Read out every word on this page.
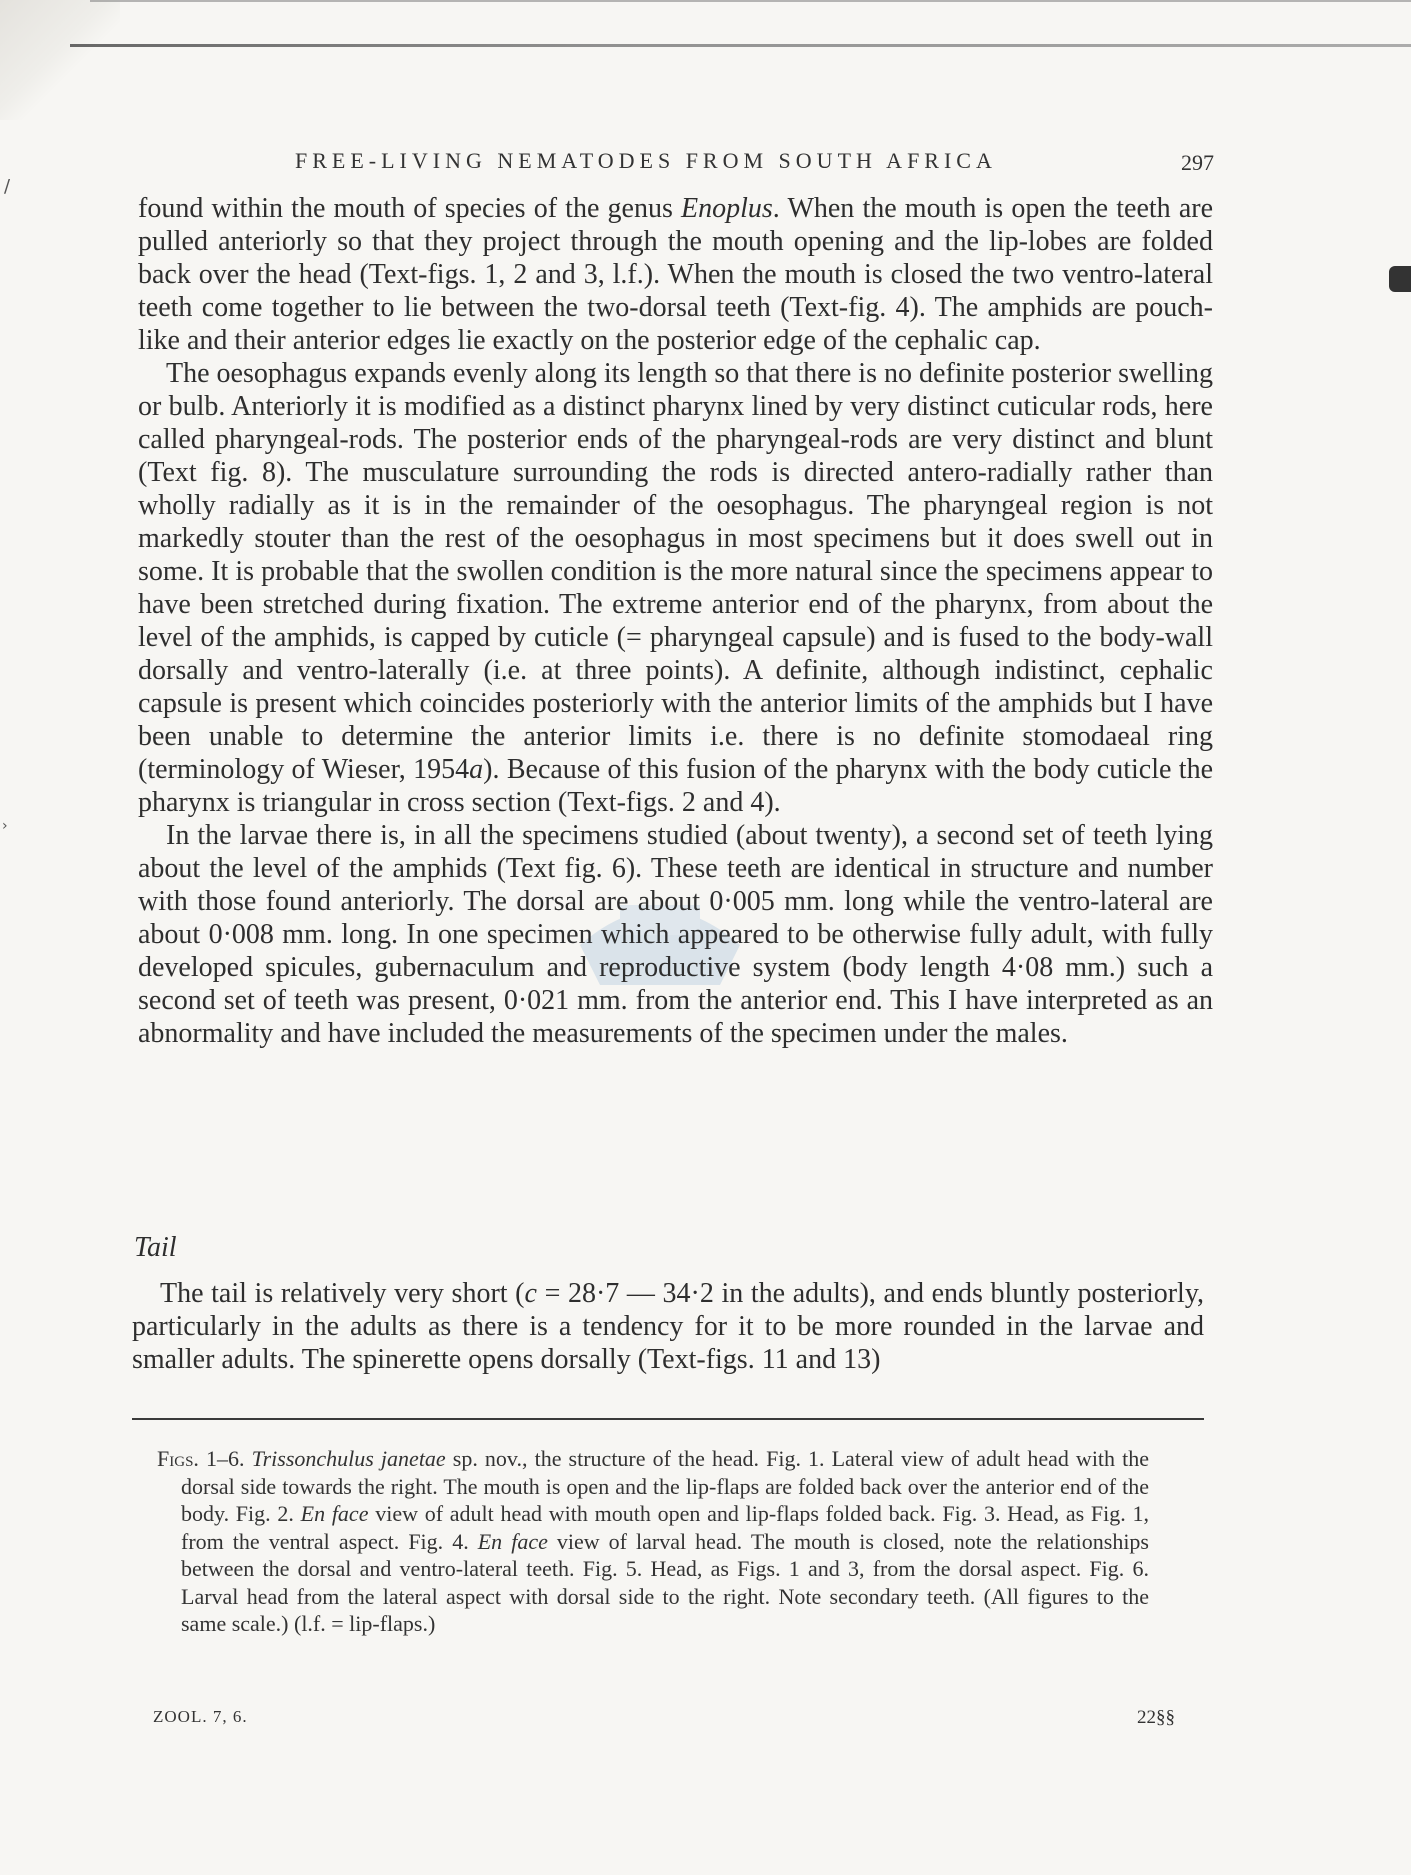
/
›
FREE-LIVING NEMATODES FROM SOUTH AFRICA	297

found within the mouth of species of the genus Enoplus. When the mouth is open the teeth are pulled anteriorly so that they project through the mouth opening and the lip-lobes are folded back over the head (Text-figs. 1, 2 and 3, l.f.). When the mouth is closed the two ventro-lateral teeth come together to lie between the two-dorsal teeth (Text-fig. 4). The amphids are pouch-like and their anterior edges lie exactly on the posterior edge of the cephalic cap.

The oesophagus expands evenly along its length so that there is no definite posterior swelling or bulb. Anteriorly it is modified as a distinct pharynx lined by very distinct cuticular rods, here called pharyngeal-rods. The posterior ends of the pharyngeal-rods are very distinct and blunt (Text fig. 8). The musculature surrounding the rods is directed antero-radially rather than wholly radially as it is in the remainder of the oesophagus. The pharyngeal region is not markedly stouter than the rest of the oesophagus in most specimens but it does swell out in some. It is probable that the swollen condition is the more natural since the specimens appear to have been stretched during fixation. The extreme anterior end of the pharynx, from about the level of the amphids, is capped by cuticle (= pharyngeal capsule) and is fused to the body-wall dorsally and ventro-laterally (i.e. at three points). A definite, although indistinct, cephalic capsule is present which coincides posteriorly with the anterior limits of the amphids but I have been unable to determine the anterior limits i.e. there is no definite stomodaeal ring (terminology of Wieser, 1954a). Because of this fusion of the pharynx with the body cuticle the pharynx is triangular in cross section (Text-figs. 2 and 4).

In the larvae there is, in all the specimens studied (about twenty), a second set of teeth lying about the level of the amphids (Text fig. 6). These teeth are identical in structure and number with those found anteriorly. The dorsal are about 0·005 mm. long while the ventro-lateral are about 0·008 mm. long. In one specimen which appeared to be otherwise fully adult, with fully developed spicules, gubernaculum and reproductive system (body length 4·08 mm.) such a second set of teeth was present, 0·021 mm. from the anterior end. This I have interpreted as an abnormality and have included the measurements of the specimen under the males.

Tail

The tail is relatively very short (c = 28·7 — 34·2 in the adults), and ends bluntly posteriorly, particularly in the adults as there is a tendency for it to be more rounded in the larvae and smaller adults. The spinerette opens dorsally (Text-figs. 11 and 13)

Figs. 1–6. Trissonchulus janetae sp. nov., the structure of the head. Fig. 1. Lateral view of adult head with the dorsal side towards the right. The mouth is open and the lip-flaps are folded back over the anterior end of the body. Fig. 2. En face view of adult head with mouth open and lip-flaps folded back. Fig. 3. Head, as Fig. 1, from the ventral aspect. Fig. 4. En face view of larval head. The mouth is closed, note the relationships between the dorsal and ventro-lateral teeth. Fig. 5. Head, as Figs. 1 and 3, from the dorsal aspect. Fig. 6. Larval head from the lateral aspect with dorsal side to the right. Note secondary teeth. (All figures to the same scale.) (l.f. = lip-flaps.)

ZOOL. 7, 6.	22§§
